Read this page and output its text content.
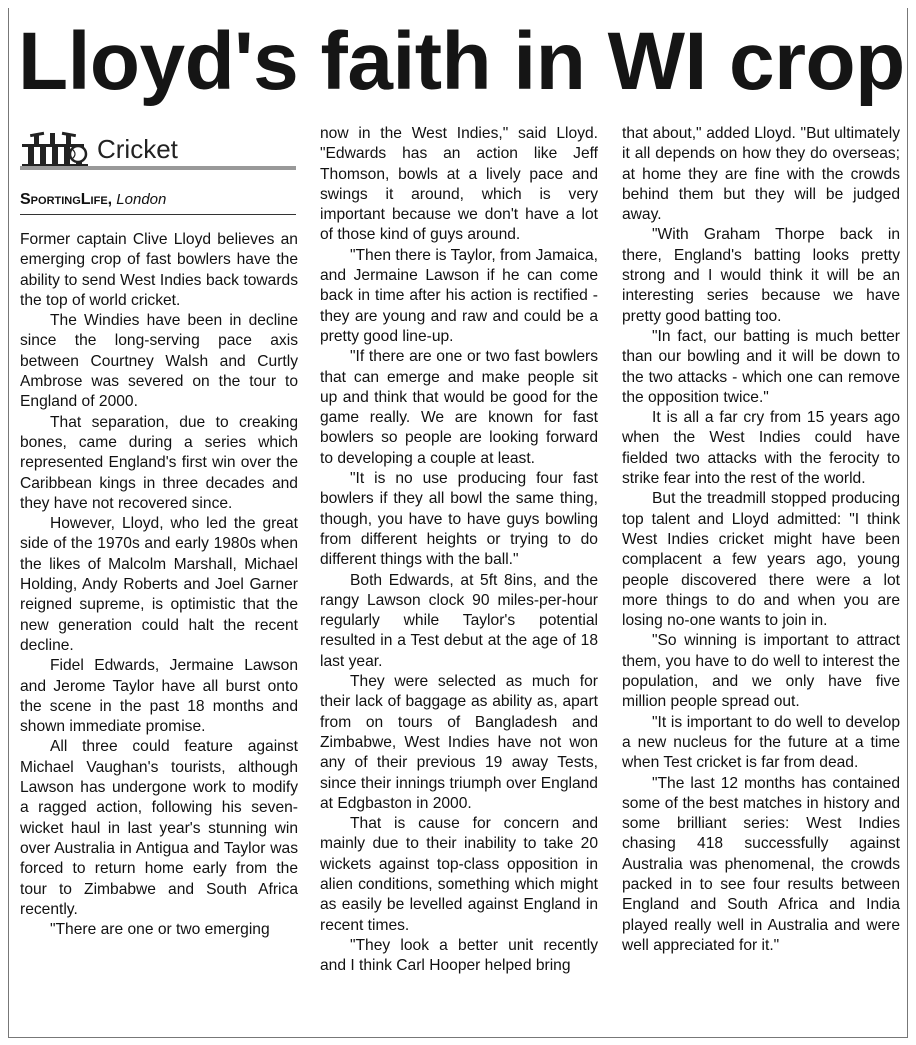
Lloyd's faith in WI crop
Cricket
SportingLife, London

Former captain Clive Lloyd believes an emerging crop of fast bowlers have the ability to send West Indies back towards the top of world cricket.

The Windies have been in decline since the long-serving pace axis between Courtney Walsh and Curtly Ambrose was severed on the tour to England of 2000.

That separation, due to creaking bones, came during a series which represented England's first win over the Caribbean kings in three decades and they have not recovered since.

However, Lloyd, who led the great side of the 1970s and early 1980s when the likes of Malcolm Marshall, Michael Holding, Andy Roberts and Joel Garner reigned supreme, is optimistic that the new generation could halt the recent decline.

Fidel Edwards, Jermaine Lawson and Jerome Taylor have all burst onto the scene in the past 18 months and shown immediate promise.

All three could feature against Michael Vaughan's tourists, although Lawson has undergone work to modify a ragged action, following his seven-wicket haul in last year's stunning win over Australia in Antigua and Taylor was forced to return home early from the tour to Zimbabwe and South Africa recently.

"There are one or two emerging

now in the West Indies," said Lloyd. "Edwards has an action like Jeff Thomson, bowls at a lively pace and swings it around, which is very important because we don't have a lot of those kind of guys around.

"Then there is Taylor, from Jamaica, and Jermaine Lawson if he can come back in time after his action is rectified - they are young and raw and could be a pretty good line-up.

"If there are one or two fast bowlers that can emerge and make people sit up and think that would be good for the game really. We are known for fast bowlers so people are looking forward to developing a couple at least.

"It is no use producing four fast bowlers if they all bowl the same thing, though, you have to have guys bowling from different heights or trying to do different things with the ball."

Both Edwards, at 5ft 8ins, and the rangy Lawson clock 90 miles-per-hour regularly while Taylor's potential resulted in a Test debut at the age of 18 last year.

They were selected as much for their lack of baggage as ability as, apart from on tours of Bangladesh and Zimbabwe, West Indies have not won any of their previous 19 away Tests, since their innings triumph over England at Edgbaston in 2000.

That is cause for concern and mainly due to their inability to take 20 wickets against top-class opposition in alien conditions, something which might as easily be levelled against England in recent times.

"They look a better unit recently and I think Carl Hooper helped bring

that about," added Lloyd. "But ultimately it all depends on how they do overseas; at home they are fine with the crowds behind them but they will be judged away.

"With Graham Thorpe back in there, England's batting looks pretty strong and I would think it will be an interesting series because we have pretty good batting too.

"In fact, our batting is much better than our bowling and it will be down to the two attacks - which one can remove the opposition twice."

It is all a far cry from 15 years ago when the West Indies could have fielded two attacks with the ferocity to strike fear into the rest of the world.

But the treadmill stopped producing top talent and Lloyd admitted: "I think West Indies cricket might have been complacent a few years ago, young people discovered there were a lot more things to do and when you are losing no-one wants to join in.

"So winning is important to attract them, you have to do well to interest the population, and we only have five million people spread out.

"It is important to do well to develop a new nucleus for the future at a time when Test cricket is far from dead.

"The last 12 months has contained some of the best matches in history and some brilliant series: West Indies chasing 418 successfully against Australia was phenomenal, the crowds packed in to see four results between England and South Africa and India played really well in Australia and were well appreciated for it."
